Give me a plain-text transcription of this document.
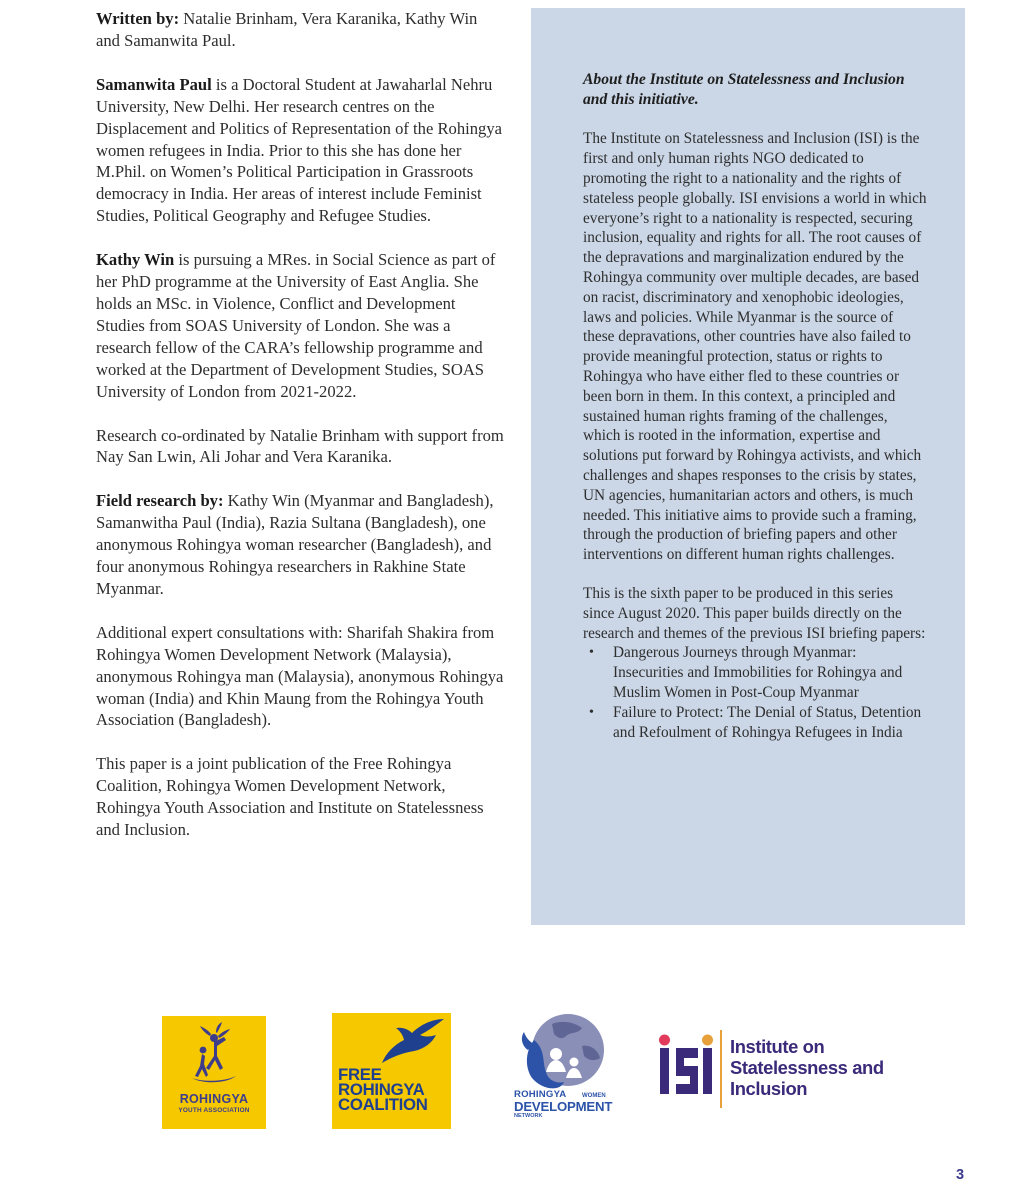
Written by: Natalie Brinham, Vera Karanika, Kathy Win and Samanwita Paul.

Samanwita Paul is a Doctoral Student at Jawaharlal Nehru University, New Delhi. Her research centres on the Displacement and Politics of Representation of the Rohingya women refugees in India. Prior to this she has done her M.Phil. on Women’s Political Participation in Grassroots democracy in India. Her areas of interest include Feminist Studies, Political Geography and Refugee Studies.

Kathy Win is pursuing a MRes. in Social Science as part of her PhD programme at the University of East Anglia. She holds an MSc. in Violence, Conflict and Development Studies from SOAS University of London. She was a research fellow of the CARA’s fellowship programme and worked at the Department of Development Studies, SOAS University of London from 2021-2022.

Research co-ordinated by Natalie Brinham with support from Nay San Lwin, Ali Johar and Vera Karanika.

Field research by: Kathy Win (Myanmar and Bangladesh), Samanwitha Paul (India), Razia Sultana (Bangladesh), one anonymous Rohingya woman researcher (Bangladesh), and four anonymous Rohingya researchers in Rakhine State Myanmar.

Additional expert consultations with: Sharifah Shakira from Rohingya Women Development Network (Malaysia), anonymous Rohingya man (Malaysia), anonymous Rohingya woman (India) and Khin Maung from the Rohingya Youth Association (Bangladesh).

This paper is a joint publication of the Free Rohingya Coalition, Rohingya Women Development Network, Rohingya Youth Association and Institute on Statelessness and Inclusion.

About the Institute on Statelessness and Inclusion and this initiative.

The Institute on Statelessness and Inclusion (ISI) is the first and only human rights NGO dedicated to promoting the right to a nationality and the rights of stateless people globally. ISI envisions a world in which everyone’s right to a nationality is respected, securing inclusion, equality and rights for all. The root causes of the depravations and marginalization endured by the Rohingya community over multiple decades, are based on racist, discriminatory and xenophobic ideologies, laws and policies. While Myanmar is the source of these depravations, other countries have also failed to provide meaningful protection, status or rights to Rohingya who have either fled to these countries or been born in them. In this context, a principled and sustained human rights framing of the challenges, which is rooted in the information, expertise and solutions put forward by Rohingya activists, and which challenges and shapes responses to the crisis by states, UN agencies, humanitarian actors and others, is much needed. This initiative aims to provide such a framing, through the production of briefing papers and other interventions on different human rights challenges.

This is the sixth paper to be produced in this series since August 2020. This paper builds directly on the research and themes of the previous ISI briefing papers:

• Dangerous Journeys through Myanmar: Insecurities and Immobilities for Rohingya and Muslim Women in Post-Coup Myanmar
• Failure to Protect: The Denial of Status, Detention and Refoulment of Rohingya Refugees in India
ROHINGYA
YOUTH ASSOCIATION
FREE
ROHINGYA
COALITION
ROHINGYA	WOMEN
DEVELOPMENT
NETWORK
Institute on
Statelessness and
Inclusion
3
